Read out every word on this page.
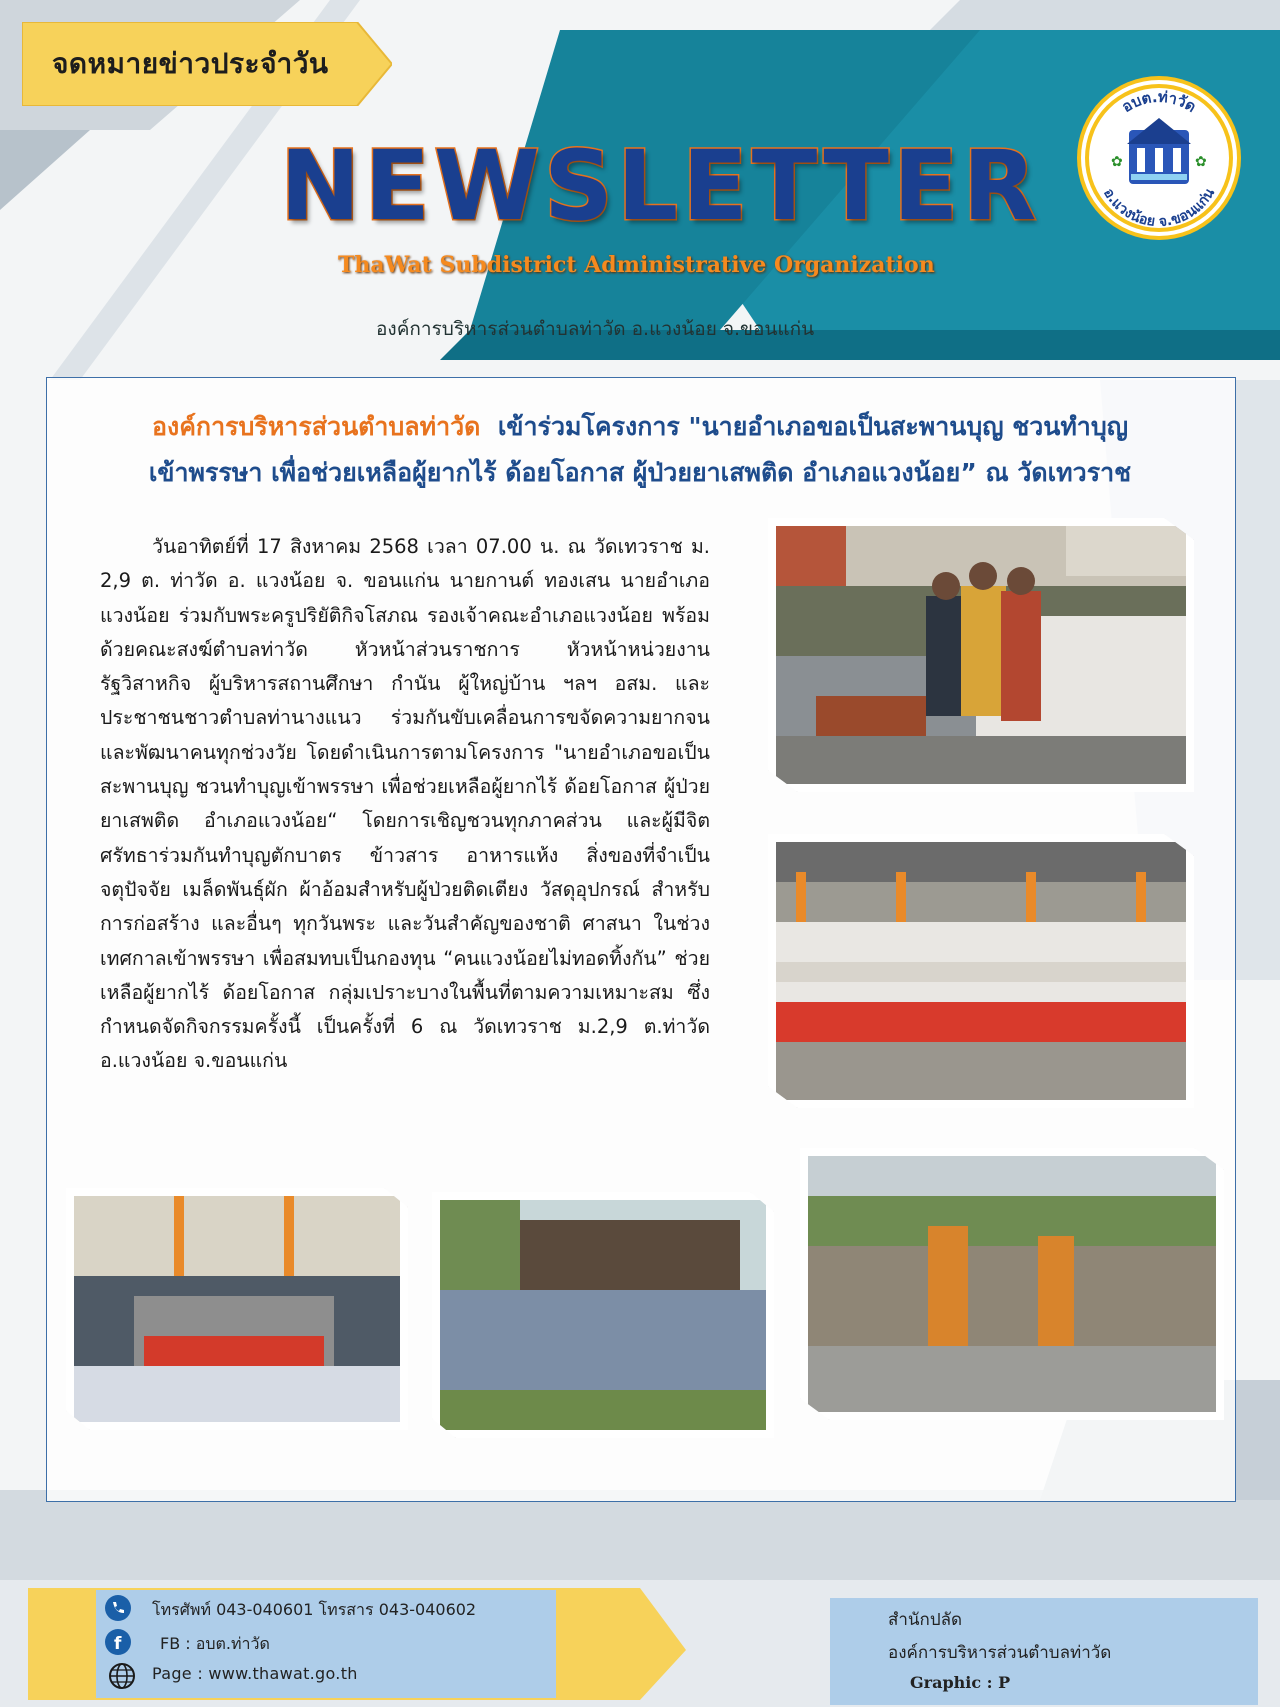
จดหมายข่าวประจำวัน
NEWSLETTER
ThaWat Subdistrict Administrative Organization
องค์การบริหารส่วนตำบลท่าวัด อ.แวงน้อย จ.ขอนแก่น
อบต.ท่าวัด
อ.แวงน้อย จ.ขอนแก่น
✿	✿
องค์การบริหารส่วนตำบลท่าวัด เข้าร่วมโครงการ "นายอำเภอขอเป็นสะพานบุญ ชวนทำบุญ
เข้าพรรษา เพื่อช่วยเหลือผู้ยากไร้ ด้อยโอกาส ผู้ป่วยยาเสพติด อำเภอแวงน้อย” ณ วัดเทวราช
วันอาทิตย์ที่ 17 สิงหาคม 2568 เวลา 07.00 น. ณ วัดเทวราช ม. 2,9 ต. ท่าวัด อ. แวงน้อย จ. ขอนแก่น นายกานต์ ทองเสน นายอำเภอแวงน้อย ร่วมกับพระครูปริยัติกิจโสภณ รองเจ้าคณะอำเภอแวงน้อย พร้อมด้วยคณะสงฆ์ตำบลท่าวัด หัวหน้าส่วนราชการ หัวหน้าหน่วยงานรัฐวิสาหกิจ ผู้บริหารสถานศึกษา กำนัน ผู้ใหญ่บ้าน ฯลฯ อสม. และประชาชนชาวตำบลท่านางแนว ร่วมกันขับเคลื่อนการขจัดความยากจน และพัฒนาคนทุกช่วงวัย โดยดำเนินการตามโครงการ "นายอำเภอขอเป็นสะพานบุญ ชวนทำบุญเข้าพรรษา เพื่อช่วยเหลือผู้ยากไร้ ด้อยโอกาส ผู้ป่วยยาเสพติด อำเภอแวงน้อย“ โดยการเชิญชวนทุกภาคส่วน และผู้มีจิตศรัทธาร่วมกันทำบุญตักบาตร ข้าวสาร อาหารแห้ง สิ่งของที่จำเป็น จตุปัจจัย เมล็ดพันธุ์ผัก ผ้าอ้อมสำหรับผู้ป่วยติดเตียง วัสดุอุปกรณ์ สำหรับการก่อสร้าง และอื่นๆ ทุกวันพระ และวันสำคัญของชาติ ศาสนา ในช่วงเทศกาลเข้าพรรษา เพื่อสมทบเป็นกองทุน “คนแวงน้อยไม่ทอดทิ้งกัน” ช่วยเหลือผู้ยากไร้ ด้อยโอกาส กลุ่มเปราะบางในพื้นที่ตามความเหมาะสม ซึ่งกำหนดจัดกิจกรรมครั้งนี้ เป็นครั้งที่ 6 ณ วัดเทวราช ม.2,9 ต.ท่าวัด อ.แวงน้อย จ.ขอนแก่น
โทรศัพท์ 043-040601 โทรสาร 043-040602
f FB : อบต.ท่าวัด
Page : www.thawat.go.th
สำนักปลัด
องค์การบริหารส่วนตำบลท่าวัด
Graphic : P
